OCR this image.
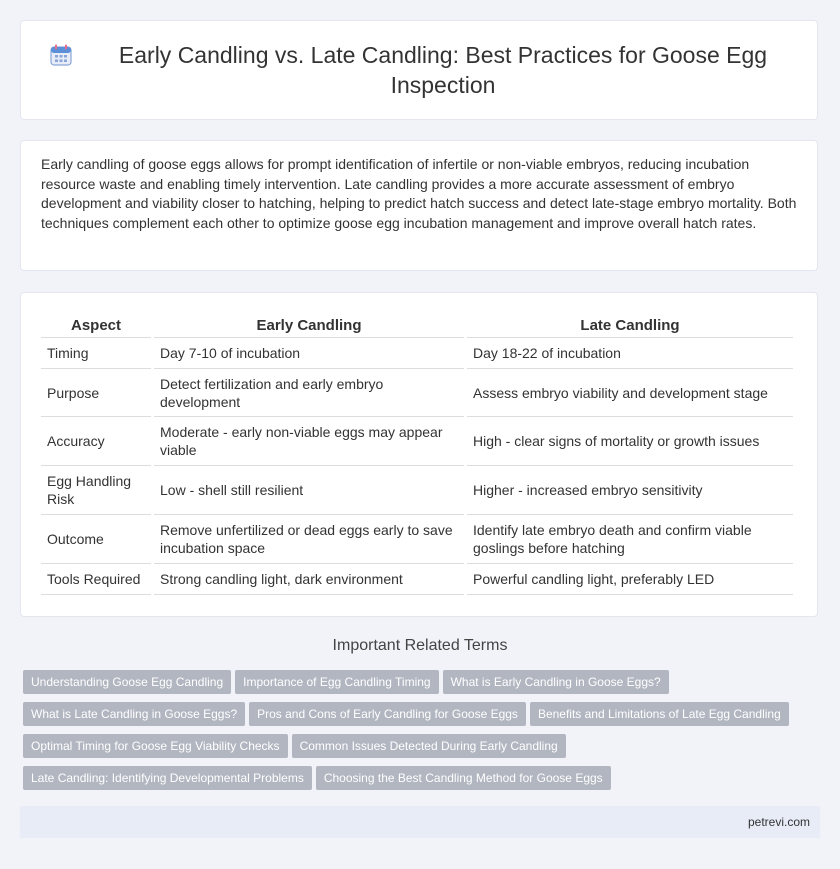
Early Candling vs. Late Candling: Best Practices for Goose Egg Inspection

Early candling of goose eggs allows for prompt identification of infertile or non-viable embryos, reducing incubation resource waste and enabling timely intervention. Late candling provides a more accurate assessment of embryo development and viability closer to hatching, helping to predict hatch success and detect late-stage embryo mortality. Both techniques complement each other to optimize goose egg incubation management and improve overall hatch rates.

Aspect	Early Candling	Late Candling
Timing	Day 7-10 of incubation	Day 18-22 of incubation
Purpose	Detect fertilization and early embryo development	Assess embryo viability and development stage
Accuracy	Moderate - early non-viable eggs may appear viable	High - clear signs of mortality or growth issues
Egg Handling Risk	Low - shell still resilient	Higher - increased embryo sensitivity
Outcome	Remove unfertilized or dead eggs early to save incubation space	Identify late embryo death and confirm viable goslings before hatching
Tools Required	Strong candling light, dark environment	Powerful candling light, preferably LED
Important Related Terms
Understanding Goose Egg Candling Importance of Egg Candling Timing What is Early Candling in Goose Eggs?
What is Late Candling in Goose Eggs? Pros and Cons of Early Candling for Goose Eggs Benefits and Limitations of Late Egg Candling
Optimal Timing for Goose Egg Viability Checks Common Issues Detected During Early Candling
Late Candling: Identifying Developmental Problems Choosing the Best Candling Method for Goose Eggs
petrevi.com
